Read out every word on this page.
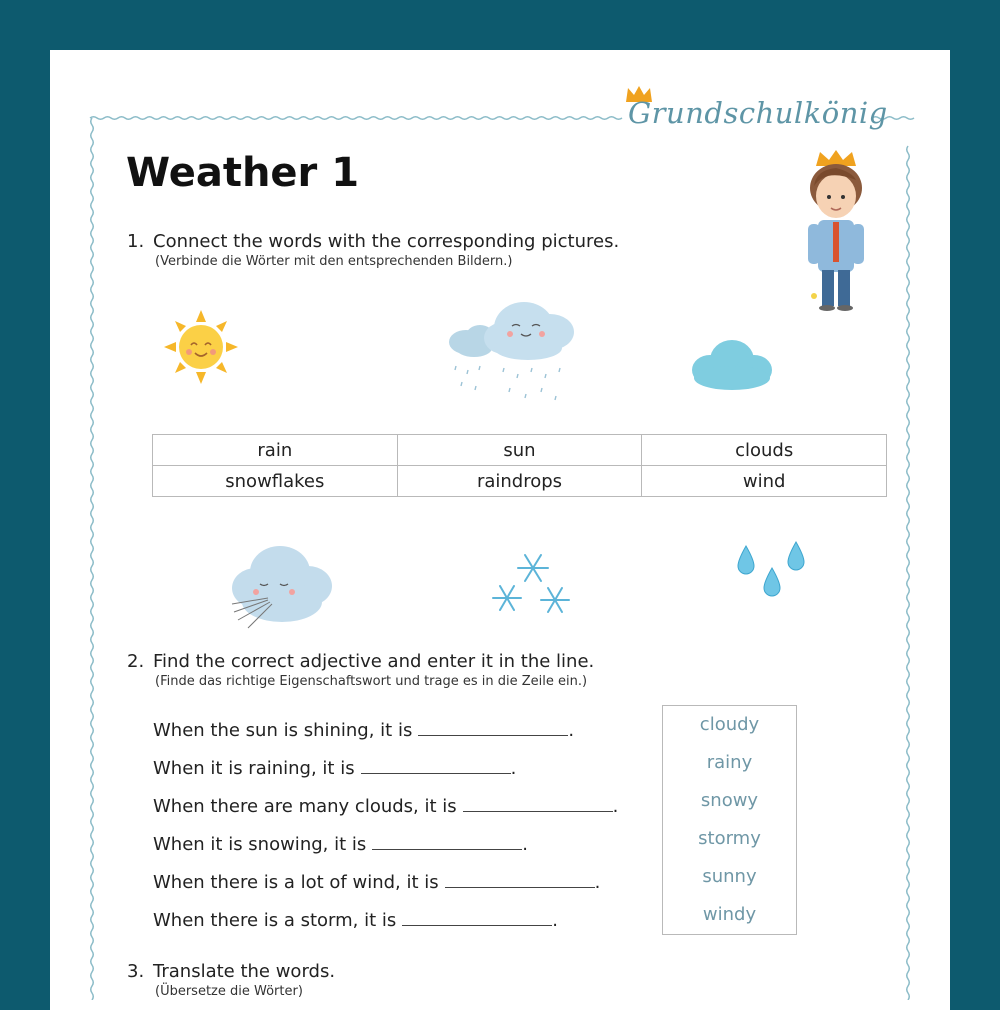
Grundschulkönig
Weather 1
1. Connect the words with the corresponding pictures.
(Verbinde die Wörter mit den entsprechenden Bildern.)
rain	sun	clouds
snowflakes	raindrops	wind
2. Find the correct adjective and enter it in the line.
(Finde das richtige Eigenschaftswort und trage es in die Zeile ein.)
When the sun is shining, it is	.
When it is raining, it is	.
When there are many clouds, it is	.
When it is snowing, it is	.
When there is a lot of wind, it is	.
When there is a storm, it is	.
cloudy
rainy
snowy
stormy
sunny
windy
3. Translate the words.
(Übersetze die Wörter)
